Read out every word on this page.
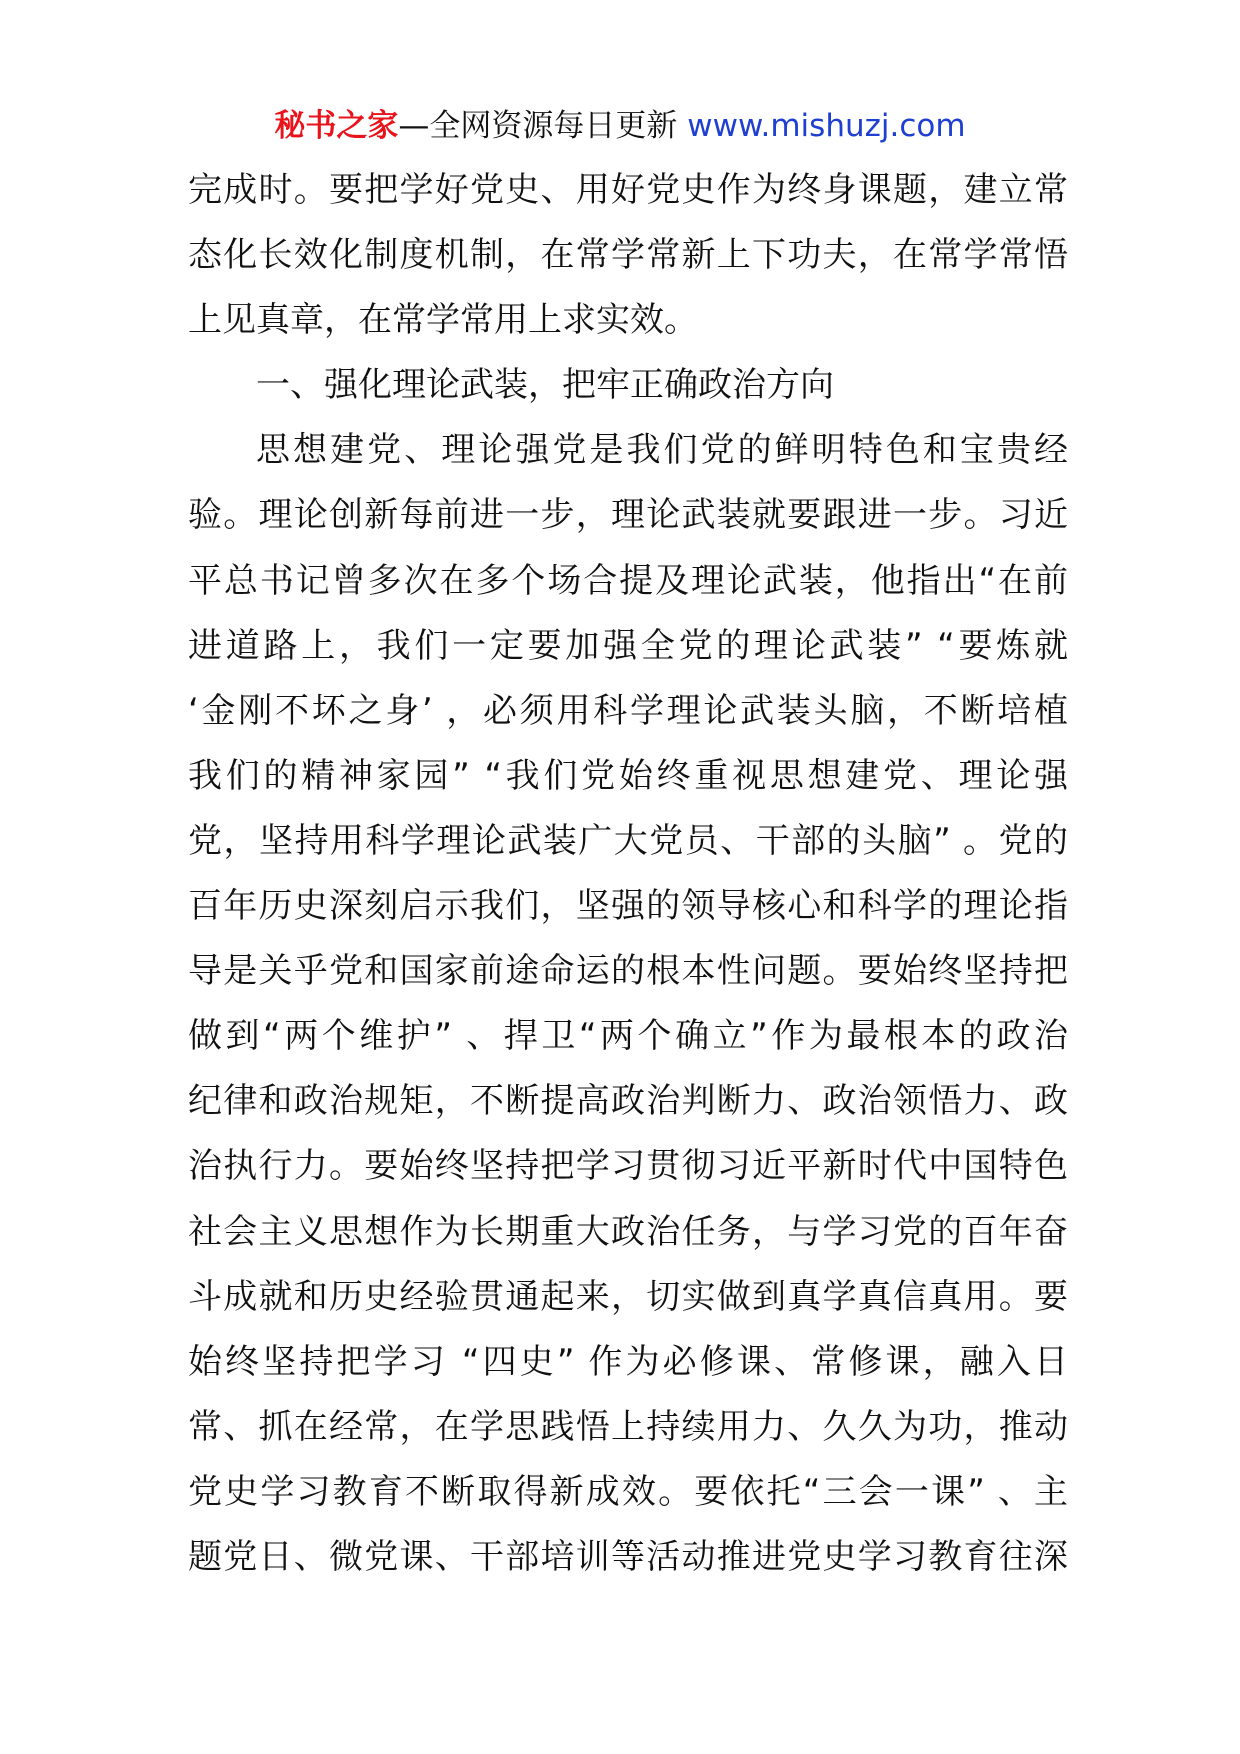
秘书之家—全网资源每日更新 www.mishuzj.com
完成时。要把学好党史、用好党史作为终身课题，建立常
态化长效化制度机制，在常学常新上下功夫，在常学常悟
上见真章，在常学常用上求实效。
一、强化理论武装，把牢正确政治方向
思想建党、理论强党是我们党的鲜明特色和宝贵经
验。理论创新每前进一步，理论武装就要跟进一步。习近
平总书记曾多次在多个场合提及理论武装，他指出“在前
进道路上，我们一定要加强全党的理论武装” “要炼就
‘金刚不坏之身’ ，必须用科学理论武装头脑，不断培植
我们的精神家园” “我们党始终重视思想建党、理论强
党，坚持用科学理论武装广大党员、干部的头脑” 。党的
百年历史深刻启示我们，坚强的领导核心和科学的理论指
导是关乎党和国家前途命运的根本性问题。要始终坚持把
做到“两个维护” 、捍卫“两个确立”作为最根本的政治
纪律和政治规矩，不断提高政治判断力、政治领悟力、政
治执行力。要始终坚持把学习贯彻习近平新时代中国特色
社会主义思想作为长期重大政治任务，与学习党的百年奋
斗成就和历史经验贯通起来，切实做到真学真信真用。要
始终坚持把学习 “四史” 作为必修课、常修课，融入日
常、抓在经常，在学思践悟上持续用力、久久为功，推动
党史学习教育不断取得新成效。要依托“三会一课” 、主
题党日、微党课、干部培训等活动推进党史学习教育往深
